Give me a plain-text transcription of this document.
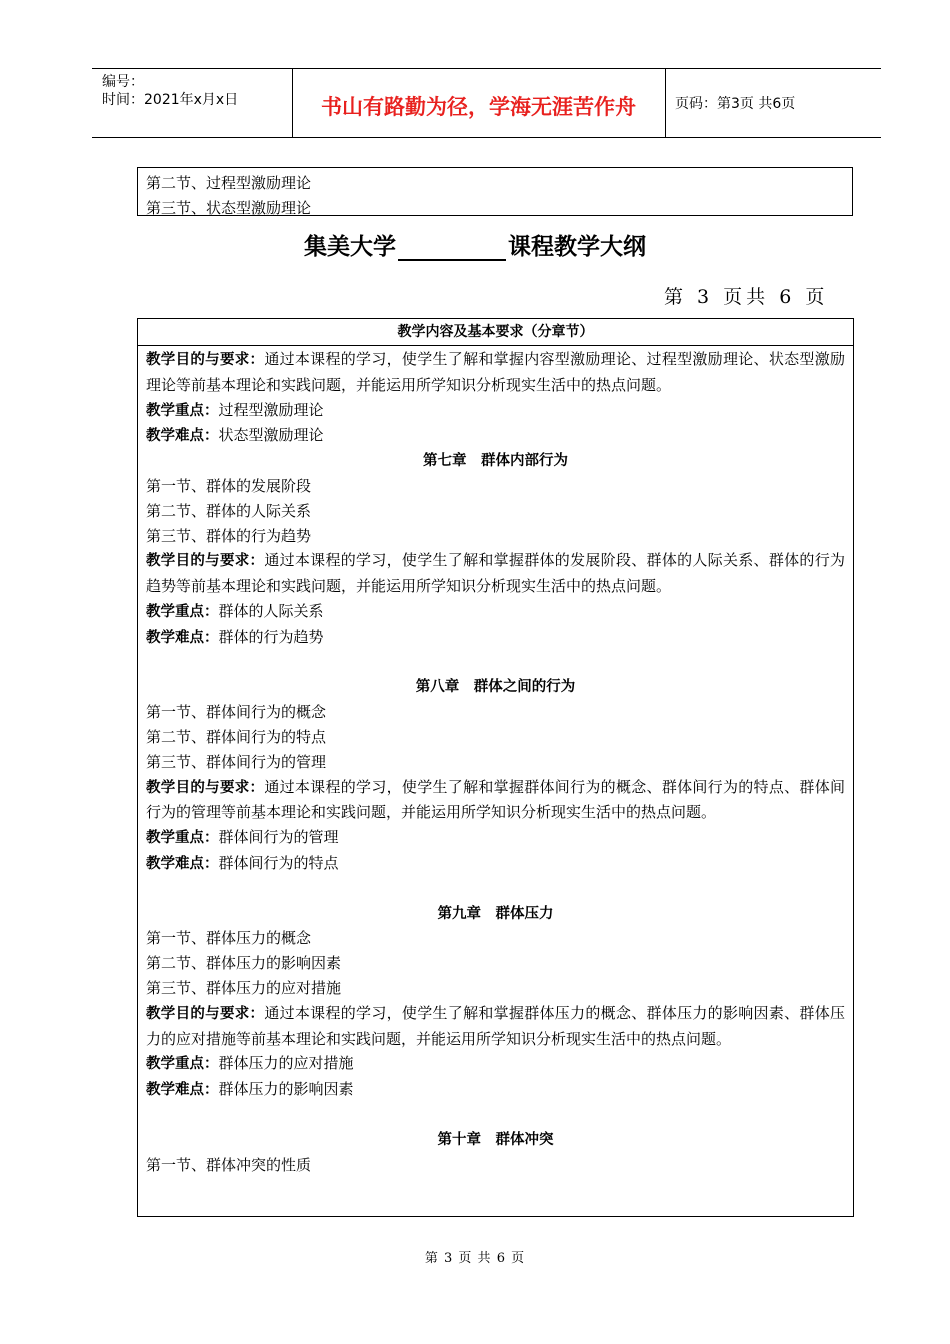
编号：
时间：2021年x月x日	书山有路勤为径，学海无涯苦作舟	页码：第3页 共6页
第二节、过程型激励理论
第三节、状态型激励理论
集美大学	课程教学大纲
第 3 页共 6 页
教学内容及基本要求（分章节）
教学目的与要求：通过本课程的学习，使学生了解和掌握内容型激励理论、过程型激励理论、状态型激励理论等前基本理论和实践问题，并能运用所学知识分析现实生活中的热点问题。
教学重点：过程型激励理论
教学难点：状态型激励理论
第七章　群体内部行为
第一节、群体的发展阶段
第二节、群体的人际关系
第三节、群体的行为趋势
教学目的与要求：通过本课程的学习，使学生了解和掌握群体的发展阶段、群体的人际关系、群体的行为趋势等前基本理论和实践问题，并能运用所学知识分析现实生活中的热点问题。
教学重点：群体的人际关系
教学难点：群体的行为趋势
第八章　群体之间的行为
第一节、群体间行为的概念
第二节、群体间行为的特点
第三节、群体间行为的管理
教学目的与要求：通过本课程的学习，使学生了解和掌握群体间行为的概念、群体间行为的特点、群体间行为的管理等前基本理论和实践问题，并能运用所学知识分析现实生活中的热点问题。
教学重点：群体间行为的管理
教学难点：群体间行为的特点
第九章　群体压力
第一节、群体压力的概念
第二节、群体压力的影响因素
第三节、群体压力的应对措施
教学目的与要求：通过本课程的学习，使学生了解和掌握群体压力的概念、群体压力的影响因素、群体压力的应对措施等前基本理论和实践问题，并能运用所学知识分析现实生活中的热点问题。
教学重点：群体压力的应对措施
教学难点：群体压力的影响因素
第十章　群体冲突
第一节、群体冲突的性质
第 3 页 共 6 页
